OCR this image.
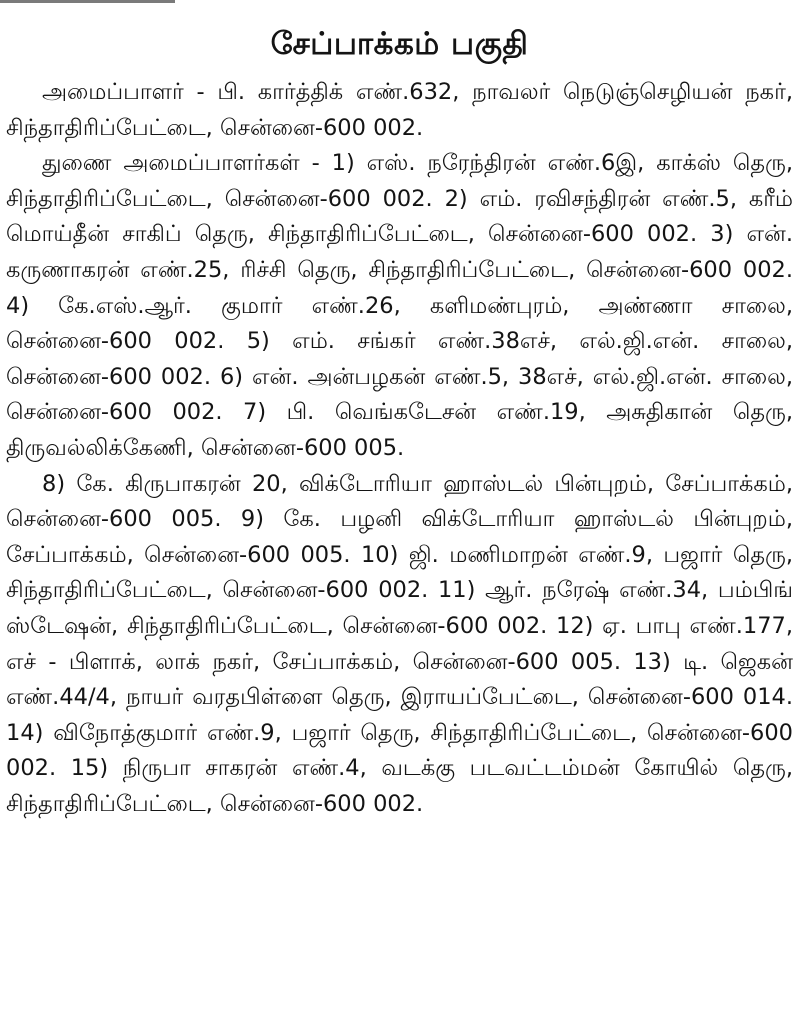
சேப்பாக்கம் பகுதி

அமைப்பாளர் - பி. கார்த்திக் எண்.632, நாவலர் நெடுஞ்செழியன் நகர், சிந்தாதிரிப்பேட்டை, சென்னை-600 002.

துணை அமைப்பாளர்கள் - 1) எஸ். நரேந்திரன் எண்.6இ, காக்ஸ் தெரு, சிந்தாதிரிப்பேட்டை, சென்னை-600 002. 2) எம். ரவிசந்திரன் எண்.5, கரீம் மொய்தீன் சாகிப் தெரு, சிந்தாதிரிப்பேட்டை, சென்னை-600 002. 3) என். கருணாகரன் எண்.25, ரிச்சி தெரு, சிந்தாதிரிப்பேட்டை, சென்னை-600 002. 4) கே.எஸ்.ஆர். குமார் எண்.26, களிமண்புரம், அண்ணா சாலை, சென்னை-600 002. 5) எம். சங்கர் எண்.38எச், எல்.ஜி.என். சாலை, சென்னை-600 002. 6) என். அன்பழகன் எண்.5, 38எச், எல்.ஜி.என். சாலை, சென்னை-600 002. 7) பி. வெங்கடேசன் எண்.19, அசுதிகான் தெரு, திருவல்லிக்கேணி, சென்னை-600 005.

8) கே. கிருபாகரன் 20, விக்டோரியா ஹாஸ்டல் பின்புறம், சேப்பாக்கம், சென்னை-600 005. 9) கே. பழனி விக்டோரியா ஹாஸ்டல் பின்புறம், சேப்பாக்கம், சென்னை-600 005. 10) ஜி. மணிமாறன் எண்.9, பஜார் தெரு, சிந்தாதிரிப்பேட்டை, சென்னை-600 002. 11) ஆர். நரேஷ் எண்.34, பம்பிங் ஸ்டேஷன், சிந்தாதிரிப்பேட்டை, சென்னை-600 002. 12) ஏ. பாபு எண்.177, எச் - பிளாக், லாக் நகர், சேப்பாக்கம், சென்னை-600 005. 13) டி. ஜெகன் எண்.44/4, நாயர் வரதபிள்ளை தெரு, இராயப்பேட்டை, சென்னை-600 014. 14) விநோத்குமார் எண்.9, பஜார் தெரு, சிந்தாதிரிப்பேட்டை, சென்னை-600 002. 15) நிருபா சாகரன் எண்.4, வடக்கு படவட்டம்மன் கோயில் தெரு, சிந்தாதிரிப்பேட்டை, சென்னை-600 002.
